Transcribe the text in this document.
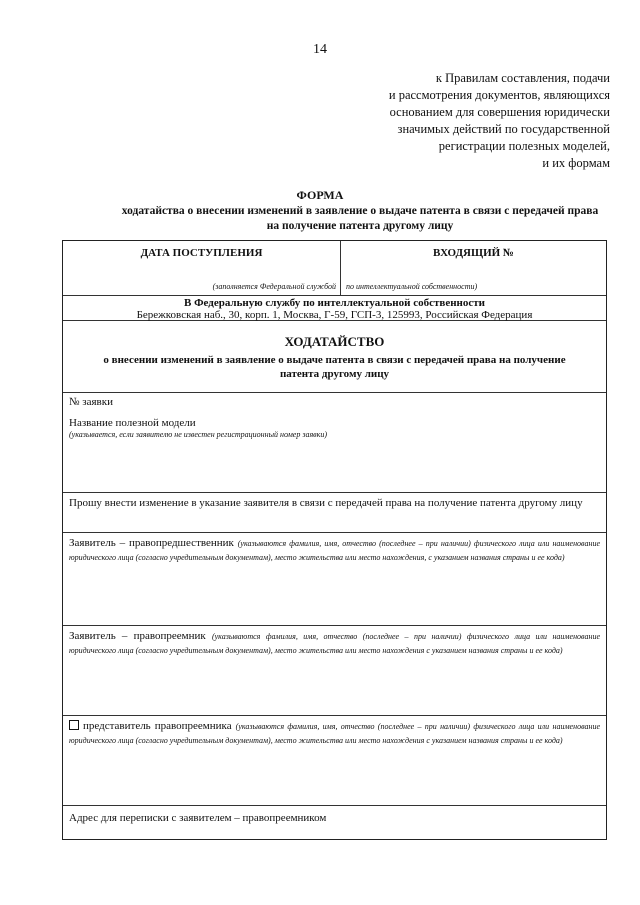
14
к Правилам составления, подачи
и рассмотрения документов, являющихся
основанием для совершения юридически
значимых действий по государственной
регистрации полезных моделей,
и их формам
ФОРМА
ходатайства о внесении изменений в заявление о выдаче патента в связи с передачей права
на получение патента другому лицу
ДАТА ПОСТУПЛЕНИЯ
(заполняется Федеральной службой
ВХОДЯЩИЙ №
по интеллектуальной собственности)
В Федеральную службу по интеллектуальной собственности
Бережковская наб., 30, корп. 1, Москва, Г-59, ГСП-3, 125993, Российская Федерация
ХОДАТАЙСТВО
о внесении изменений в заявление о выдаче патента в связи с передачей права на получение
патента другому лицу
№ заявки
Название полезной модели
(указывается, если заявителю не известен регистрационный номер заявки)
Прошу внести изменение в указание заявителя в связи с передачей права на получение патента другому лицу
Заявитель – правопредшественник (указываются фамилия, имя, отчество (последнее – при наличии) физического лица или наименование юридического лица (согласно учредительным документам), место жительства или место нахождения, с указанием названия страны и ее кода)
Заявитель – правопреемник (указываются фамилия, имя, отчество (последнее – при наличии) физического лица или наименование юридического лица (согласно учредительным документам), место жительства или место нахождения с указанием названия страны и ее кода)
представитель правопреемника (указываются фамилия, имя, отчество (последнее – при наличии) физического лица или наименование юридического лица (согласно учредительным документам), место жительства или место нахождения с указанием названия страны и ее кода)
Адрес для переписки с заявителем – правопреемником
